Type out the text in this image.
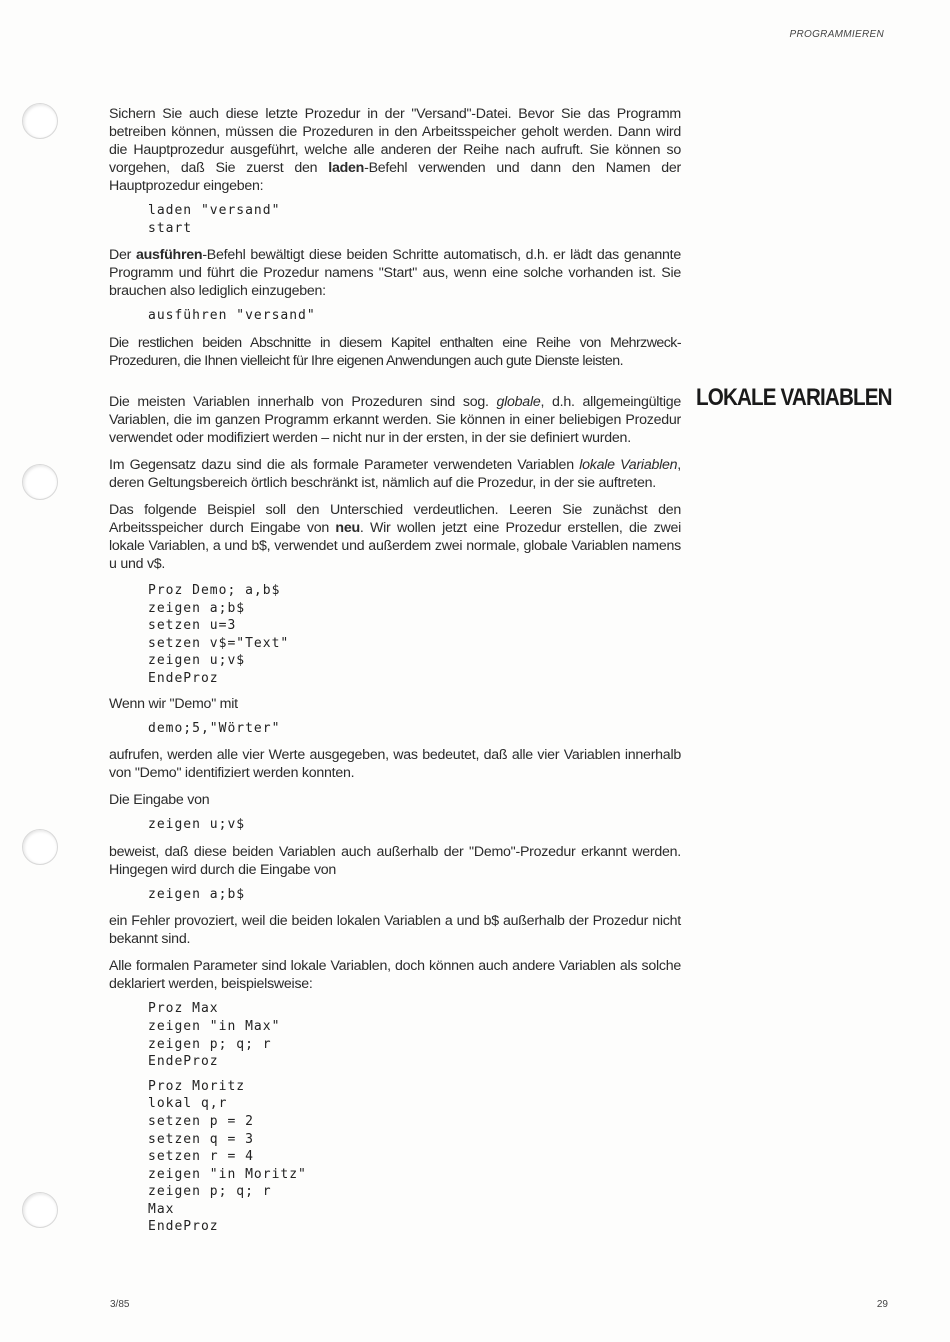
PROGRAMMIEREN
LOKALE VARIABLEN

Sichern Sie auch diese letzte Prozedur in der "Versand"-Datei. Bevor Sie das Programm betreiben können, müssen die Prozeduren in den Arbeitsspeicher geholt werden. Dann wird die Hauptprozedur ausgeführt, welche alle anderen der Reihe nach aufruft. Sie können so vorgehen, daß Sie zuerst den laden-Befehl verwenden und dann den Namen der Hauptprozedur eingeben:

laden "versand"
start

Der ausführen-Befehl bewältigt diese beiden Schritte automatisch, d.h. er lädt das genannte Programm und führt die Prozedur namens "Start" aus, wenn eine solche vorhanden ist. Sie brauchen also lediglich einzugeben:

ausführen "versand"

Die restlichen beiden Abschnitte in diesem Kapitel enthalten eine Reihe von Mehrzweck-Prozeduren, die Ihnen vielleicht für Ihre eigenen Anwendungen auch gute Dienste leisten.

Die meisten Variablen innerhalb von Prozeduren sind sog. globale, d.h. allgemeingültige Variablen, die im ganzen Programm erkannt werden. Sie können in einer beliebigen Prozedur verwendet oder modifiziert werden – nicht nur in der ersten, in der sie definiert wurden.

Im Gegensatz dazu sind die als formale Parameter verwendeten Variablen lokale Variablen, deren Geltungsbereich örtlich beschränkt ist, nämlich auf die Prozedur, in der sie auftreten.

Das folgende Beispiel soll den Unterschied verdeutlichen. Leeren Sie zunächst den Arbeitsspeicher durch Eingabe von neu. Wir wollen jetzt eine Prozedur erstellen, die zwei lokale Variablen, a und b$, verwendet und außerdem zwei normale, globale Variablen namens u und v$.

Proz Demo; a,b$
zeigen a;b$
setzen u=3
setzen v$="Text"
zeigen u;v$
EndeProz

Wenn wir "Demo" mit

demo;5,"Wörter"

aufrufen, werden alle vier Werte ausgegeben, was bedeutet, daß alle vier Variablen innerhalb von "Demo" identifiziert werden konnten.

Die Eingabe von

zeigen u;v$

beweist, daß diese beiden Variablen auch außerhalb der "Demo"-Prozedur erkannt werden. Hingegen wird durch die Eingabe von

zeigen a;b$

ein Fehler provoziert, weil die beiden lokalen Variablen a und b$ außerhalb der Prozedur nicht bekannt sind.

Alle formalen Parameter sind lokale Variablen, doch können auch andere Variablen als solche deklariert werden, beispielsweise:

Proz Max
zeigen "in Max"
zeigen p; q; r
EndeProz
Proz Moritz
lokal q,r
setzen p = 2
setzen q = 3
setzen r = 4
zeigen "in Moritz"
zeigen p; q; r
Max
EndeProz
3/85	29
